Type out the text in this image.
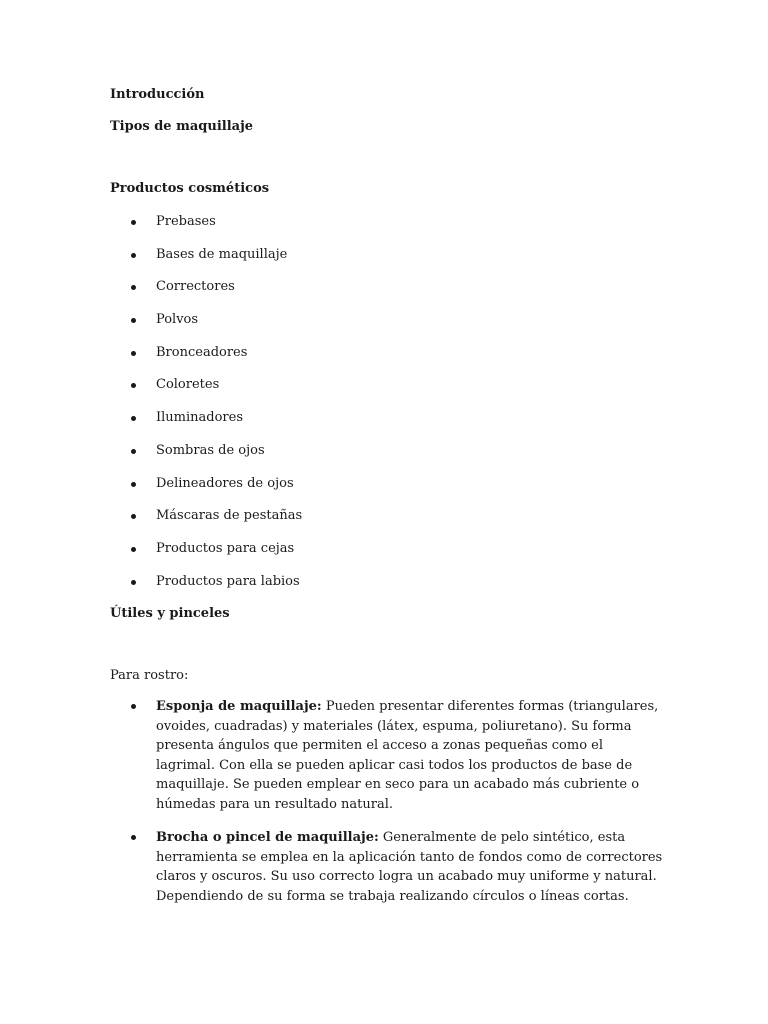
Introducción

Tipos de maquillaje

Productos cosméticos

Prebases
Bases de maquillaje
Correctores
Polvos
Bronceadores
Coloretes
Iluminadores
Sombras de ojos
Delineadores de ojos
Máscaras de pestañas
Productos para cejas
Productos para labios

Útiles y pinceles

Para rostro:

Esponja de maquillaje: Pueden presentar diferentes formas (triangulares, ovoides, cuadradas) y materiales (látex, espuma, poliuretano). Su forma presenta ángulos que permiten el acceso a zonas pequeñas como el lagrimal. Con ella se pueden aplicar casi todos los productos de base de maquillaje. Se pueden emplear en seco para un acabado más cubriente o húmedas para un resultado natural.
Brocha o pincel de maquillaje: Generalmente de pelo sintético, esta herramienta se emplea en la aplicación tanto de fondos como de correctores claros y oscuros. Su uso correcto logra un acabado muy uniforme y natural. Dependiendo de su forma se trabaja realizando círculos o líneas cortas.
